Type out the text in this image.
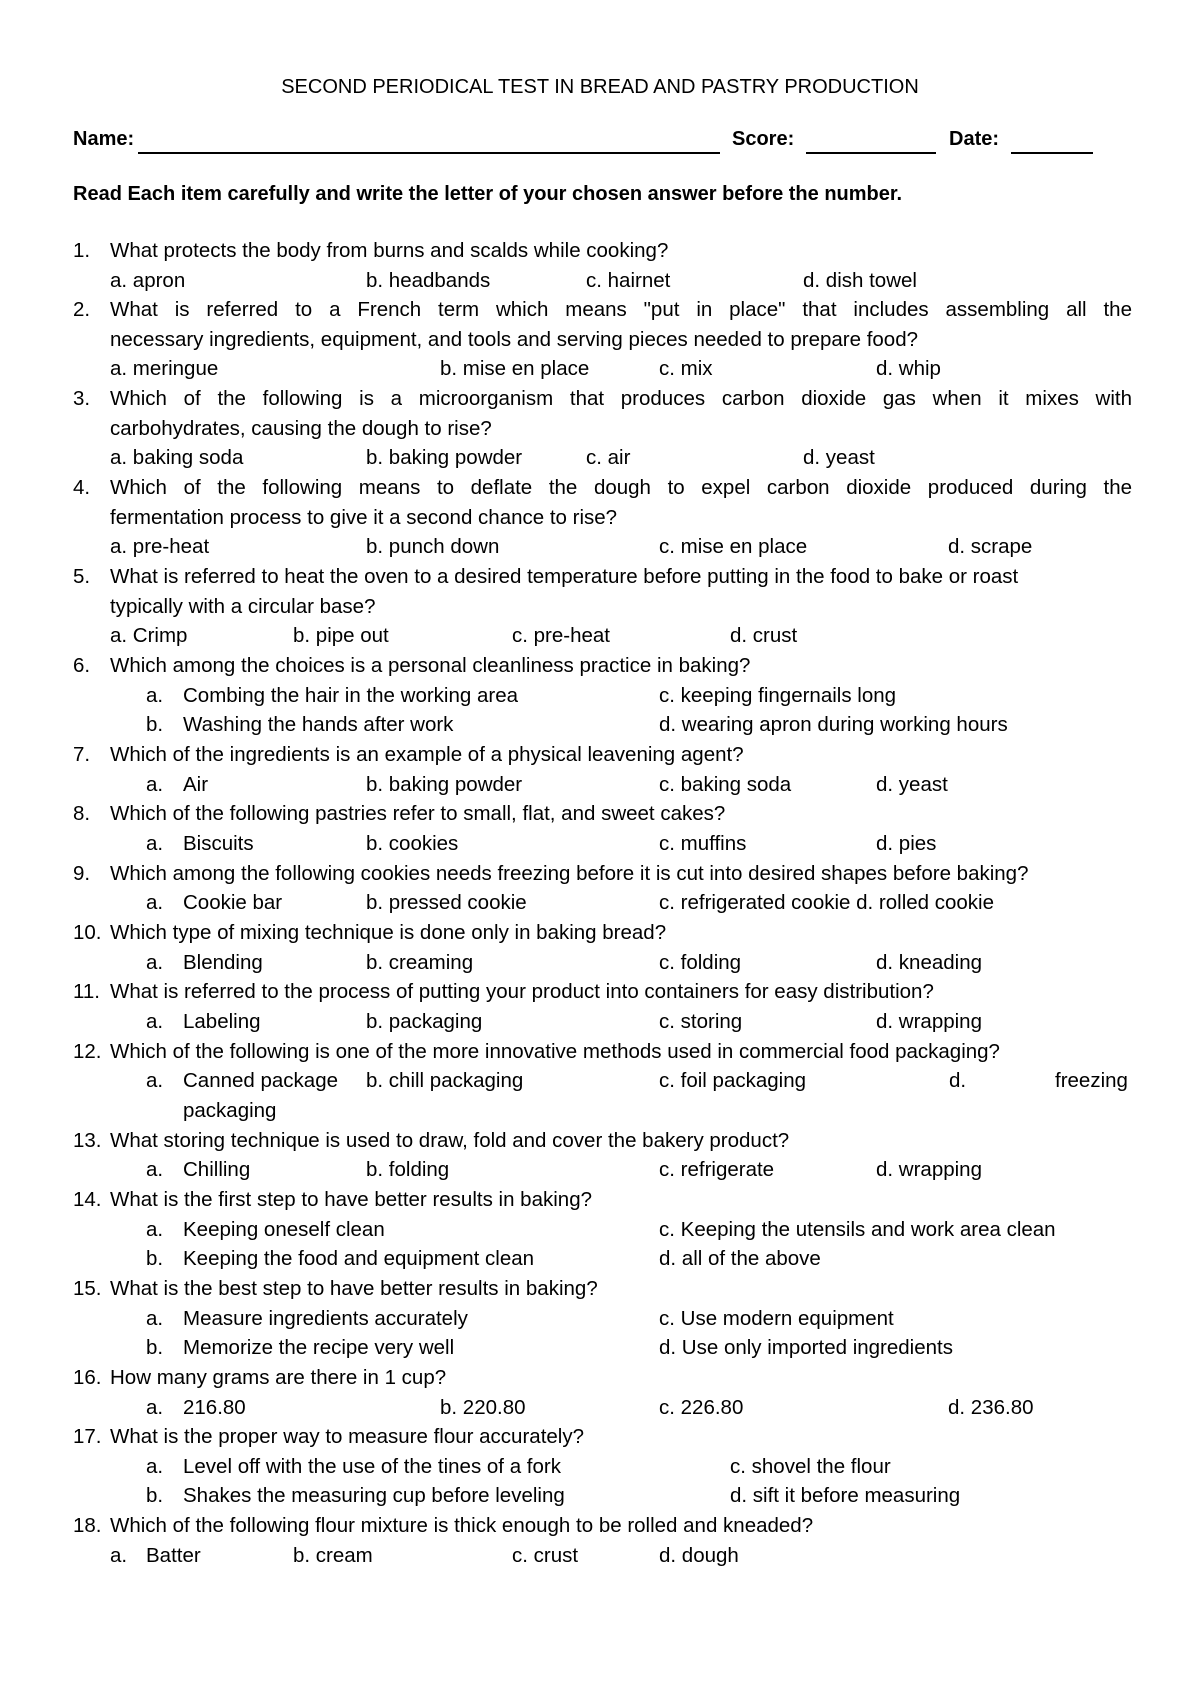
SECOND PERIODICAL TEST IN BREAD AND PASTRY PRODUCTION
Name:	Score:	Date:
Read Each item carefully and write the letter of your chosen answer before the number.
1. What protects the body from burns and scalds while cooking?
a. apron	b. headbands	c. hairnet	d. dish towel
2. What is referred to a French term which means "put in place" that includes assembling all the
necessary ingredients, equipment, and tools and serving pieces needed to prepare food?
a. meringue	b. mise en place	c. mix	d. whip
3. Which of the following is a microorganism that produces carbon dioxide gas when it mixes with
carbohydrates, causing the dough to rise?
a. baking soda	b. baking powder	c. air	d. yeast
4. Which of the following means to deflate the dough to expel carbon dioxide produced during the
fermentation process to give it a second chance to rise?
a. pre-heat	b. punch down	c. mise en place	d. scrape
5. What is referred to heat the oven to a desired temperature before putting in the food to bake or roast
typically with a circular base?
a. Crimp	b. pipe out	c. pre-heat	d. crust
6. Which among the choices is a personal cleanliness practice in baking?
a. Combing the hair in the working area	c. keeping fingernails long
b. Washing the hands after work	d. wearing apron during working hours
7. Which of the ingredients is an example of a physical leavening agent?
a. Air	b. baking powder	c. baking soda	d. yeast
8. Which of the following pastries refer to small, flat, and sweet cakes?
a. Biscuits	b. cookies	c. muffins	d. pies
9. Which among the following cookies needs freezing before it is cut into desired shapes before baking?
a. Cookie bar	b. pressed cookie	c. refrigerated cookie d. rolled cookie
10. Which type of mixing technique is done only in baking bread?
a. Blending	b. creaming	c. folding	d. kneading
11. What is referred to the process of putting your product into containers for easy distribution?
a. Labeling	b. packaging	c. storing	d. wrapping
12. Which of the following is one of the more innovative methods used in commercial food packaging?
a. Canned package b. chill packaging	c. foil packaging	d.	freezing
packaging
13. What storing technique is used to draw, fold and cover the bakery product?
a. Chilling	b. folding	c. refrigerate	d. wrapping
14. What is the first step to have better results in baking?
a. Keeping oneself clean	c. Keeping the utensils and work area clean
b. Keeping the food and equipment clean	d. all of the above
15. What is the best step to have better results in baking?
a. Measure ingredients accurately	c. Use modern equipment
b. Memorize the recipe very well	d. Use only imported ingredients
16. How many grams are there in 1 cup?
a. 216.80	b. 220.80	c. 226.80	d. 236.80
17. What is the proper way to measure flour accurately?
a. Level off with the use of the tines of a fork	c. shovel the flour
b. Shakes the measuring cup before leveling	d. sift it before measuring
18. Which of the following flour mixture is thick enough to be rolled and kneaded?
a. Batter	b. cream	c. crust	d. dough
